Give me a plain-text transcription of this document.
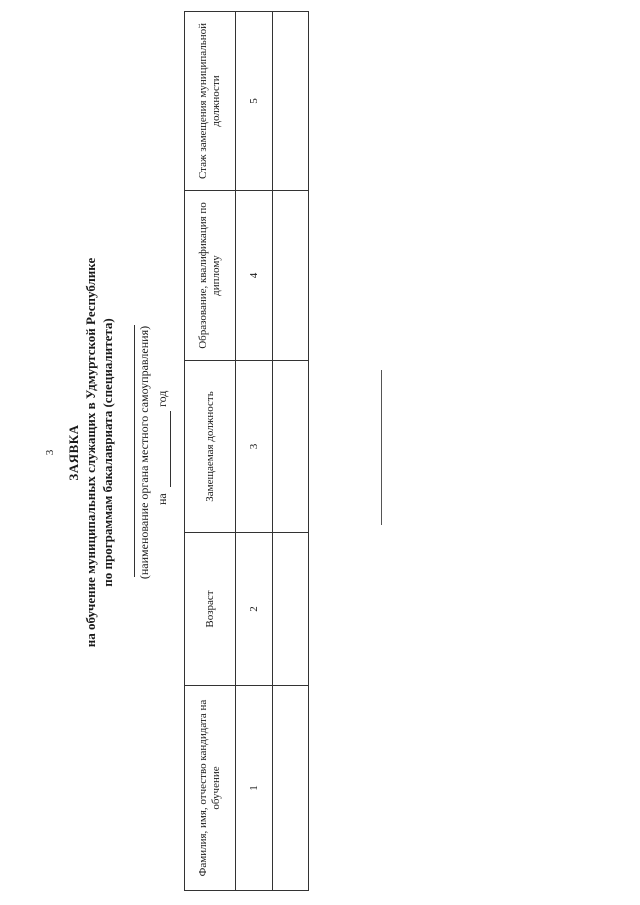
3 ЗАЯВКА на обучение муниципальных служащих в Удмуртской Республике по программам бакалавриата (специалитета) (наименование органа местного самоуправления) на
год
Фамилия, имя, отчество кандидата на обучение	Возраст	Замещаемая должность	Образование, квалификация по диплому	Стаж замещения муниципальной должности
1	2	3	4	5
